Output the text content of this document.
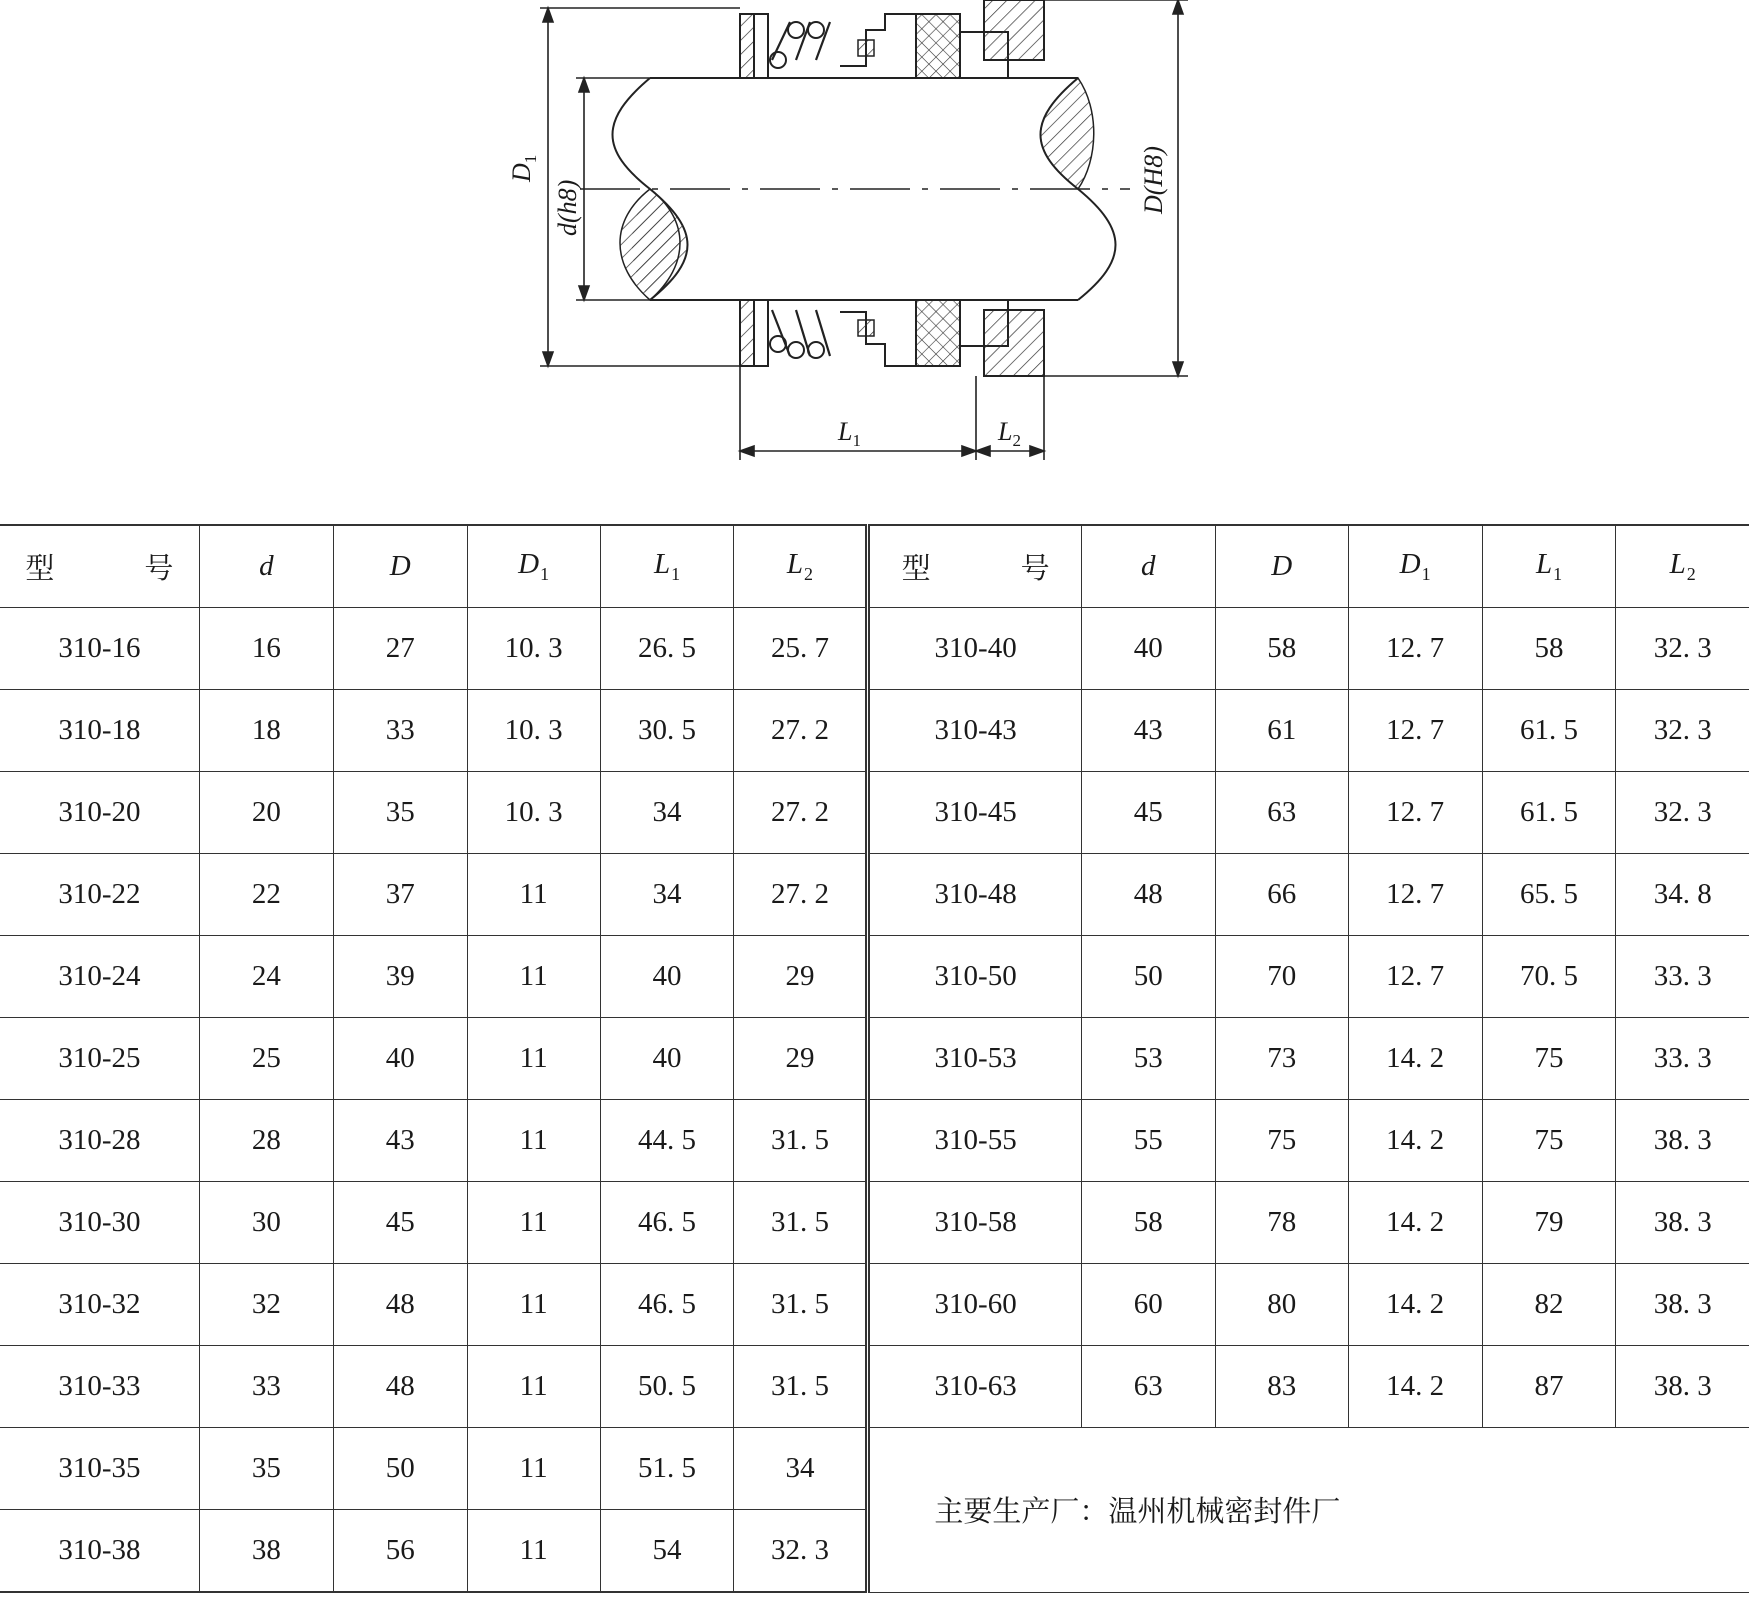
$D_1$
d(h8)	D(H8)
$L_1$	$L_2$
型 号	d	D	$D_1$	$L_1$	$L_2$	型 号	d	D	$D_1$	$L_1$	$L_2$
310-16	16	27	10. 3	26. 5	25. 7	310-40	40	58	12. 7	58	32. 3
310-18	18	33	10. 3	30. 5	27. 2	310-43	43	61	12. 7	61. 5	32. 3
310-20	20	35	10. 3	34	27. 2	310-45	45	63	12. 7	61. 5	32. 3
310-22	22	37	11	34	27. 2	310-48	48	66	12. 7	65. 5	34. 8
310-24	24	39	11	40	29	310-50	50	70	12. 7	70. 5	33. 3
310-25	25	40	11	40	29	310-53	53	73	14. 2	75	33. 3
310-28	28	43	11	44. 5	31. 5	310-55	55	75	14. 2	75	38. 3
310-30	30	45	11	46. 5	31. 5	310-58	58	78	14. 2	79	38. 3
310-32	32	48	11	46. 5	31. 5	310-60	60	80	14. 2	82	38. 3
310-33	33	48	11	50. 5	31. 5	310-63	63	83	14. 2	87	38. 3
310-35	35	50	11	51. 5	34	主要生产厂：温州机械密封件厂					
310-38	38	56	11	54	32. 3						
